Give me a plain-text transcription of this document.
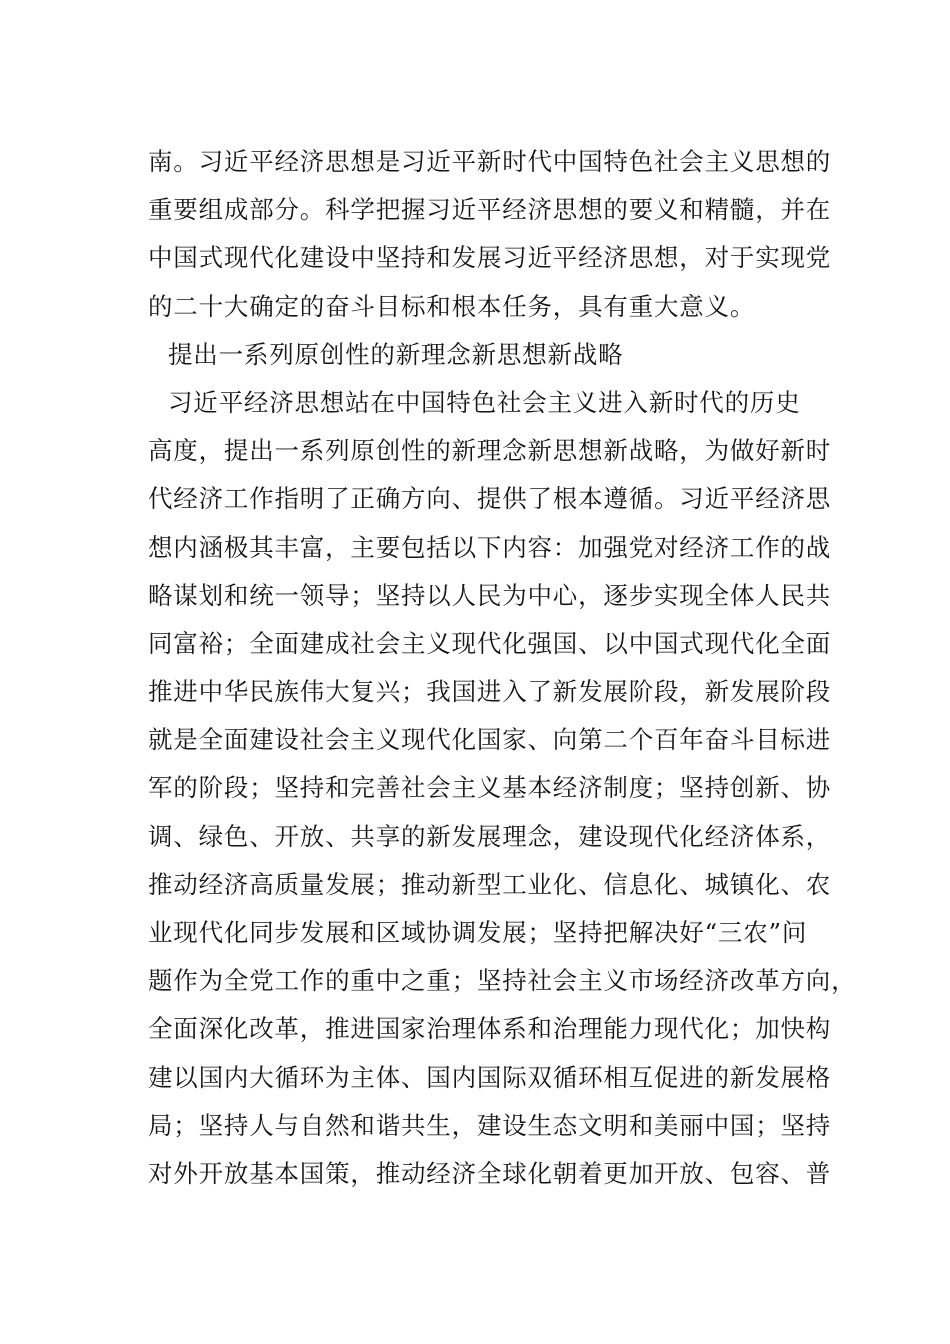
南。习近平经济思想是习近平新时代中国特色社会主义思想的
重要组成部分。科学把握习近平经济思想的要义和精髓，并在
中国式现代化建设中坚持和发展习近平经济思想，对于实现党
的二十大确定的奋斗目标和根本任务，具有重大意义。
提出一系列原创性的新理念新思想新战略
习近平经济思想站在中国特色社会主义进入新时代的历史
高度，提出一系列原创性的新理念新思想新战略，为做好新时
代经济工作指明了正确方向、提供了根本遵循。习近平经济思
想内涵极其丰富，主要包括以下内容：加强党对经济工作的战
略谋划和统一领导；坚持以人民为中心，逐步实现全体人民共
同富裕；全面建成社会主义现代化强国、以中国式现代化全面
推进中华民族伟大复兴；我国进入了新发展阶段，新发展阶段
就是全面建设社会主义现代化国家、向第二个百年奋斗目标进
军的阶段；坚持和完善社会主义基本经济制度；坚持创新、协
调、绿色、开放、共享的新发展理念，建设现代化经济体系，
推动经济高质量发展；推动新型工业化、信息化、城镇化、农
业现代化同步发展和区域协调发展；坚持把解决好“三农”问
题作为全党工作的重中之重；坚持社会主义市场经济改革方向，
全面深化改革，推进国家治理体系和治理能力现代化；加快构
建以国内大循环为主体、国内国际双循环相互促进的新发展格
局；坚持人与自然和谐共生，建设生态文明和美丽中国；坚持
对外开放基本国策，推动经济全球化朝着更加开放、包容、普
